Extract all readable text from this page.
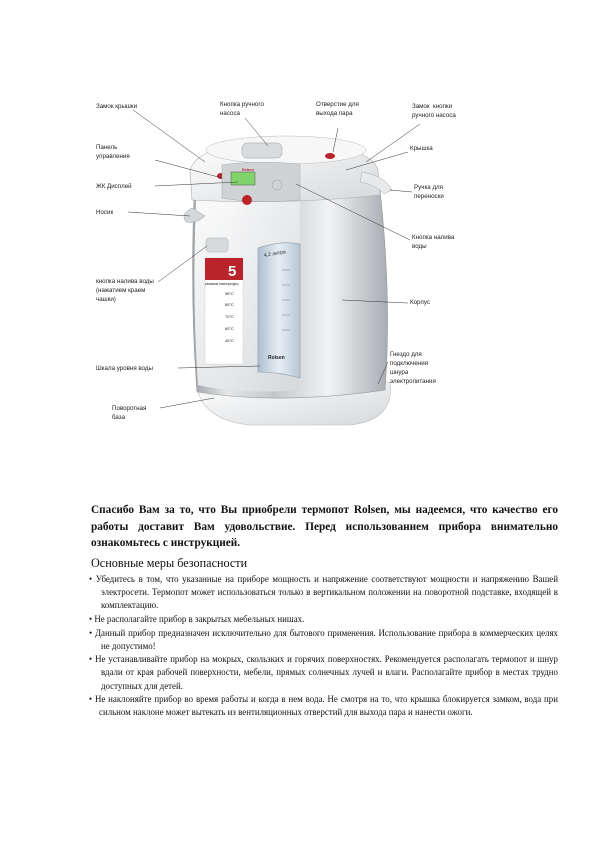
5
режимов температуры
98°C
85°C
70°C
60°C
45°C
4,2 литра
Rolsen
Rolsen
Замок крышки	Кнопка ручного
насоса
Отверстие для
выхода пара
Замок  кнопки
ручного насоса
Панель
управления
Крышка
ЖК Дисплей	Ручка для
переноски
Носик
Кнопка налива
воды
кнопка налива воды
(нажатием краем
чашки)	Корпус
Шкала уровня воды
Гнездо для
подключения
шнура
электропитания
Поворотная
база

Спасибо Вам за то, что Вы приобрели термопот Rolsen, мы надеемся, что качество его работы доставит Вам удовольствие. Перед использованием прибора внимательно ознакомьтесь с инструкцией.

Основные меры безопасности
• Убедитесь в том, что указанные на приборе мощность и напряжение соответствуют мощности и напряжению Вашей электросети. Термопот может использоваться только в вертикальном положении на поворотной подставке, входящей в комплектацию.
• Не располагайте прибор в закрытых мебельных нишах.
• Данный прибор предназначен исключительно для бытового применения. Использование прибора в коммерческих целях не допустимо!
• Не устанавливайте прибор на мокрых, скользких и горячих поверхностях. Рекомендуется располагать термопот и шнур вдали от края рабочей поверхности, мебели, прямых солнечных лучей и влаги. Располагайте прибор в местах трудно доступных для детей.
• Не наклоняйте прибор во время работы и когда в нем вода. Не смотря на то, что крышка блокируется замком, вода при сильном наклоне может вытекать из вентиляционных отверстий для выхода пара и нанести ожоги.
